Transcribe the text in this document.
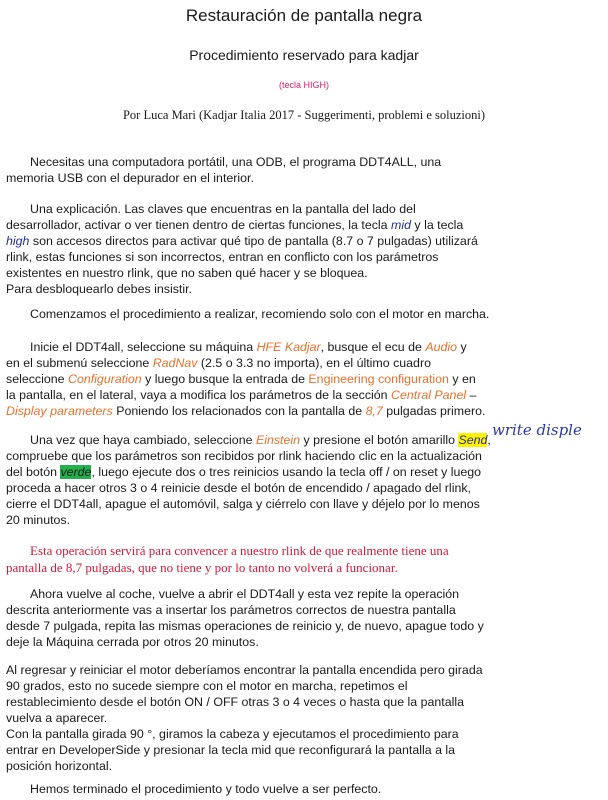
Restauración de pantalla negra
Procedimiento reservado para kadjar
(tecla HIGH)
Por Luca Mari (Kadjar Italia 2017 - Suggerimenti, problemi e soluzioni)

Necesitas una computadora portátil, una ODB, el programa DDT4ALL, una

memoria USB con el depurador en el interior.

Una explicación. Las claves que encuentras en la pantalla del lado del

desarrollador, activar o ver tienen dentro de ciertas funciones, la tecla mid y la tecla

high son accesos directos para activar qué tipo de pantalla (8.7 o 7 pulgadas) utilizará

rlink, estas funciones si son incorrectos, entran en conflicto con los parámetros

existentes en nuestro rlink, que no saben qué hacer y se bloquea.

Para desbloquearlo debes insistir.

Comenzamos el procedimiento a realizar, recomiendo solo con el motor en marcha.

Inicie el DDT4all, seleccione su máquina HFE Kadjar, busque el ecu de Audio y

en el submenú seleccione RadNav (2.5 o 3.3 no importa), en el último cuadro

seleccione Configuration y luego busque la entrada de Engineering configuration y en

la pantalla, en el lateral, vaya a modifica los parámetros de la sección Central Panel –

Display parameters Poniendo los relacionados con la pantalla de 8,7 pulgadas primero.

Una vez que haya cambiado, seleccione Einstein y presione el botón amarillo Send,

compruebe que los parámetros son recibidos por rlink haciendo clic en la actualización

del botón verde, luego ejecute dos o tres reinicios usando la tecla off / on reset y luego

proceda a hacer otros 3 o 4 reinicie desde el botón de encendido / apagado del rlink,

cierre el DDT4all, apague el automóvil, salga y ciérrelo con llave y déjelo por lo menos

20 minutos.

write disple

Esta operación servirá para convencer a nuestro rlink de que realmente tiene una

pantalla de 8,7 pulgadas, que no tiene y por lo tanto no volverá a funcionar.

Ahora vuelve al coche, vuelve a abrir el DDT4all y esta vez repite la operación

descrita anteriormente vas a insertar los parámetros correctos de nuestra pantalla

desde 7 pulgada, repita las mismas operaciones de reinicio y, de nuevo, apague todo y

deje la Máquina cerrada por otros 20 minutos.

Al regresar y reiniciar el motor deberíamos encontrar la pantalla encendida pero girada

90 grados, esto no sucede siempre con el motor en marcha, repetimos el

restablecimiento desde el botón ON / OFF otras 3 o 4 veces o hasta que la pantalla

vuelva a aparecer.

Con la pantalla girada 90 °, giramos la cabeza y ejecutamos el procedimiento para

entrar en DeveloperSide y presionar la tecla mid que reconfigurará la pantalla a la

posición horizontal.

Hemos terminado el procedimiento y todo vuelve a ser perfecto.
